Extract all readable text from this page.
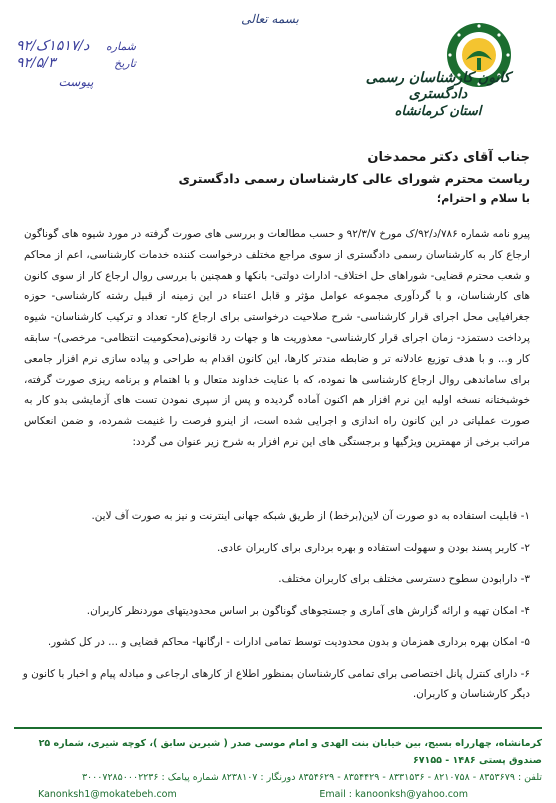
بسمه تعالی
کانون کارشناسان رسمی دادگستری
استان کرمانشاه
شماره
۹۲/د/۱۵۱۷ک
تاریخ
۹۲/۵/۳
پیوست
جناب آقای دکتر محمدخان
ریاست محترم شورای عالی کارشناسان رسمی دادگستری
با سلام و احترام؛

پیرو نامه شماره ۷۸۶/د/۹۲/ک مورخ ۹۲/۳/۷ و حسب مطالعات و بررسی های صورت گرفته در مورد شیوه های گوناگون ارجاع کار به کارشناسان رسمی دادگستری از سوی مراجع مختلف درخواست کننده خدمات کارشناسی، اعم از محاکم و شعب محترم قضایی- شوراهای حل اختلاف- ادارات دولتی- بانکها و همچنین با بررسی روال ارجاع کار از سوی کانون های کارشناسان، و با گردآوری مجموعه عوامل مؤثر و قابل اعتناء در این زمینه از قبیل رشته کارشناسی- حوزه جغرافیایی محل اجرای قرار کارشناسی- شرح صلاحیت درخواستی برای ارجاع کار- تعداد و ترکیب کارشناسان- شیوه پرداخت دستمزد- زمان اجرای قرار کارشناسی- معذوریت ها و جهات رد قانونی(محکومیت انتظامی- مرخصی)- سابقه کار و... و با هدف توزیع عادلانه تر و ضابطه مندتر کارها، این کانون اقدام به طراحی و پیاده سازی نرم افزار جامعی برای ساماندهی روال ارجاع کارشناسی ها نموده، که با عنایت خداوند متعال و با اهتمام و برنامه ریزی صورت گرفته، خوشبختانه نسخه اولیه این نرم افزار هم اکنون آماده گردیده و پس از سپری نمودن تست های آزمایشی بدو کار به صورت عملیاتی در این کانون راه اندازی و اجرایی شده است، از اینرو فرصت را غنیمت شمرده، و ضمن انعکاس مراتب برخی از مهمترین ویژگیها و برجستگی های این نرم افزار به شرح زیر عنوان می گردد:

۱- قابلیت استفاده به دو صورت آن لاین(برخط) از طریق شبکه جهانی اینترنت و نیز به صورت آف لاین.

۲- کاربر پسند بودن و سهولت استفاده و بهره برداری برای کاربران عادی.

۳- دارابودن سطوح دسترسی مختلف برای کاربران مختلف.

۴- امکان تهیه و ارائه گزارش های آماری و جستجوهای گوناگون بر اساس محدودیتهای موردنظر کاربران.

۵- امکان بهره برداری همزمان و بدون محدودیت توسط تمامی ادارات - ارگانها- محاکم قضایی و ... در کل کشور.

۶- دارای کنترل پانل اختصاصی برای تمامی کارشناسان بمنظور اطلاع از کارهای ارجاعی و مبادله پیام و اخبار با کانون و دیگر کارشناسان و کاربران.

کرمانشاه، چهارراه بسیج، بین خیابان بنت الهدی و امام موسی صدر ( شیرین سابق )، کوچه شیری، شماره ۲۵ صندوق پستی ۱۴۸۶ - ۶۷۱۵۵
تلفن : ۸۳۵۳۶۷۹ - ۸۲۱۰۷۵۸ - ۸۳۳۱۵۳۶ - ۸۳۵۴۴۲۹ - ۸۳۵۴۶۲۹ دورنگار : ۸۲۳۸۱۰۷ شماره پیامک : ۳۰۰۰۷۲۸۵۰۰۰۲۲۳۶
Email : kanoonksh@yahoo.com
Kanonksh1@mokatebeh.com
